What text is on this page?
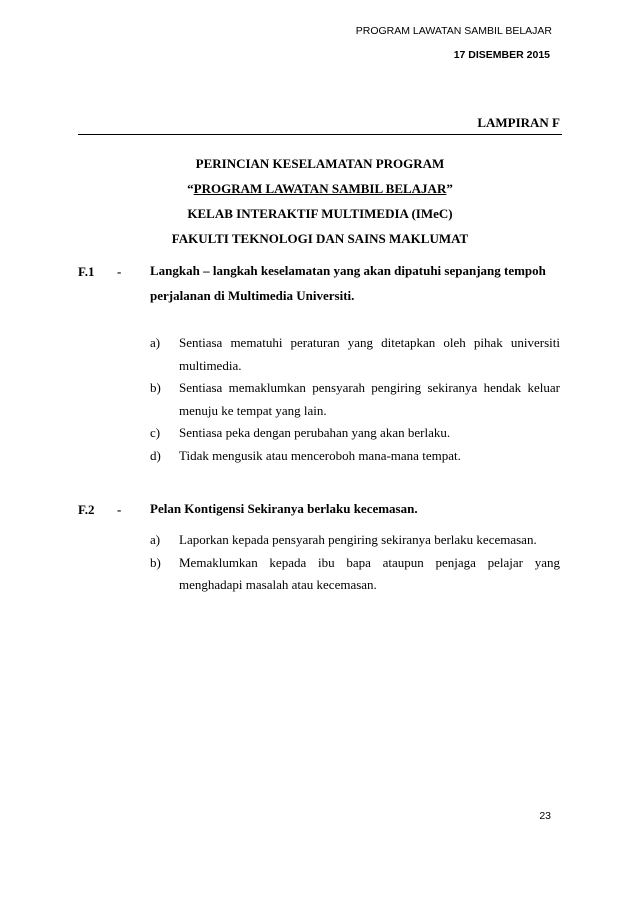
PROGRAM LAWATAN SAMBIL BELAJAR
17 DISEMBER 2015
LAMPIRAN F
PERINCIAN KESELAMATAN PROGRAM
“PROGRAM LAWATAN SAMBIL BELAJAR”
KELAB INTERAKTIF MULTIMEDIA (IMeC)
FAKULTI TEKNOLOGI DAN SAINS MAKLUMAT
F.1 - Langkah – langkah keselamatan yang akan dipatuhi sepanjang tempoh
perjalanan di Multimedia Universiti.
a) Sentiasa mematuhi peraturan yang ditetapkan oleh pihak universiti multimedia.
b) Sentiasa memaklumkan pensyarah pengiring sekiranya hendak keluar menuju ke tempat yang lain.
c) Sentiasa peka dengan perubahan yang akan berlaku.
d) Tidak mengusik atau menceroboh mana-mana tempat.
F.2 - Pelan Kontigensi Sekiranya berlaku kecemasan.
a) Laporkan kepada pensyarah pengiring sekiranya berlaku kecemasan.
b) Memaklumkan kepada ibu bapa ataupun penjaga pelajar yang menghadapi masalah atau kecemasan.
23
